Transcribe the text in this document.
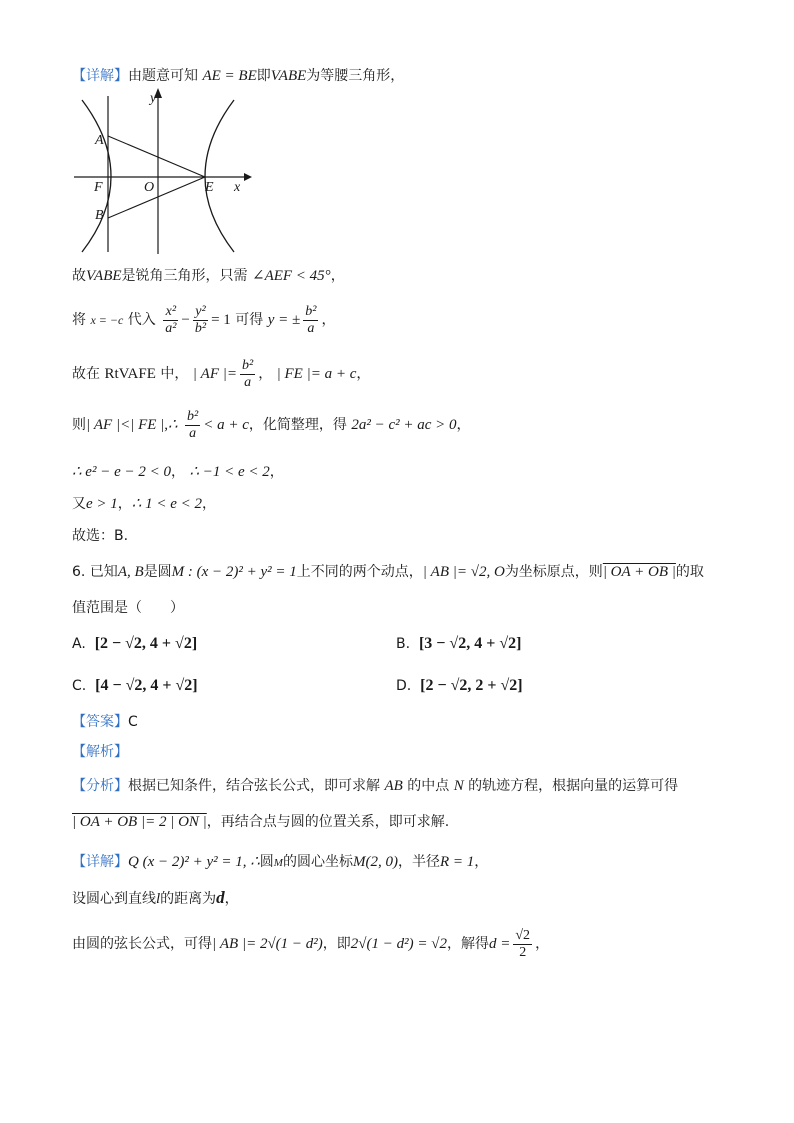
【详解】由题意可知 AE = BE即VABE为等腰三角形，
y
x
A
B
F	O	E
故VABE是锐角三角形，只需 ∠AEF < 45°，
将 x = −c 代入 $\frac{\text{x²}}{\text{a²}} - \frac{\text{y²}}{\text{b²}} = 1$ 可得 y = ± $\frac{\text{b²}}{a}$ ，
故在 RtVAFE 中， | AF |= $\frac{\text{b²}}{a}$ ， | FE |= a + c，
则| AF |<| FE |,∴ $\frac{\text{b²}}{a} < a + c$，化简整理，得 2a² − c² + ac > 0，
∴ e² − e − 2 < 0， ∴ −1 < e < 2，
又e > 1，∴ 1 < e < 2，
故选：B.
6. 已知A, B是圆M : (x − 2)² + y² = 1上不同的两个动点，| AB |= √2, O为坐标原点，则| OA + OB |的取
值范围是（　　）
A. [2 − √2, 4 + √2]	B. [3 − √2, 4 + √2]
C. [4 − √2, 4 + √2]	D. [2 − √2, 2 + √2]
【答案】C
【解析】
【分析】根据已知条件，结合弦长公式，即可求解 AB 的中点 N 的轨迹方程，根据向量的运算可得
| OA + OB |= 2 | ON |，再结合点与圆的位置关系，即可求解.
【详解】Q (x − 2)² + y² = 1, ∴圆M的圆心坐标M(2, 0)，半径R = 1，
设圆心到直线l的距离为d，
由圆的弦长公式，可得| AB |= 2√(1 − d²)，即2√(1 − d²) = √2，解得$d = \frac{√2}{2}$ ，
